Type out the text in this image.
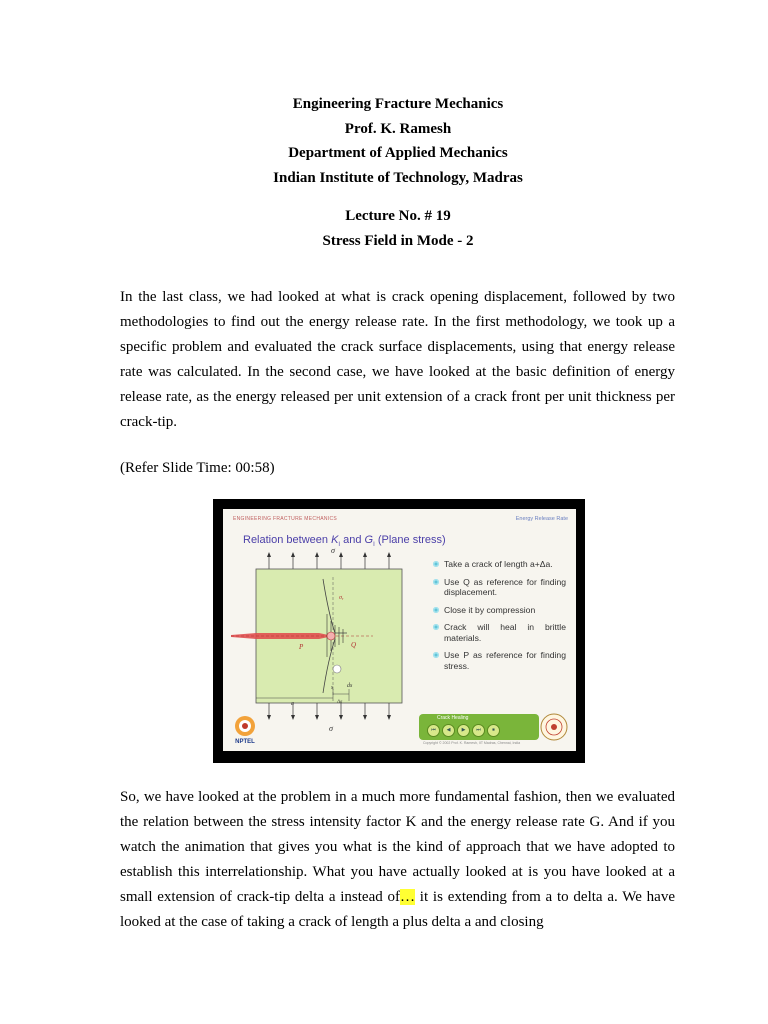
Engineering Fracture Mechanics
Prof. K. Ramesh
Department of Applied Mechanics
Indian Institute of Technology, Madras
Lecture No. # 19
Stress Field in Mode - 2
In the last class, we had looked at what is crack opening displacement, followed by two methodologies to find out the energy release rate. In the first methodology, we took up a specific problem and evaluated the crack surface displacements, using that energy release rate was calculated. In the second case, we have looked at the basic definition of energy release rate, as the energy released per unit extension of a crack front per unit thickness per crack-tip.
(Refer Slide Time: 00:58)
ENGINEERING FRACTURE MECHANICS	Energy Release Rate
Relation between $K_I$ and $G_I$ (Plane stress)
σ
P	Q
σᵧ
a	Δa
s ds
σ
Take a crack of length a+Δa.
Use Q as reference for finding displacement.
Close it by compression
Crack will heal in brittle materials.
Use P as reference for finding stress.
NPTEL
Crack Healing
⏮	◀	▶	⏭	⏹
Copyright © 2002 Prof. K. Ramesh, IIT Madras, Chennai, India
So, we have looked at the problem in a much more fundamental fashion, then we evaluated the relation between the stress intensity factor K and the energy release rate G. And if you watch the animation that gives you what is the kind of approach that we have adopted to establish this interrelationship. What you have actually looked at is you have looked at a small extension of crack-tip delta a instead of… it is extending from a to delta a. We have looked at the case of taking a crack of length a plus delta a and closing
